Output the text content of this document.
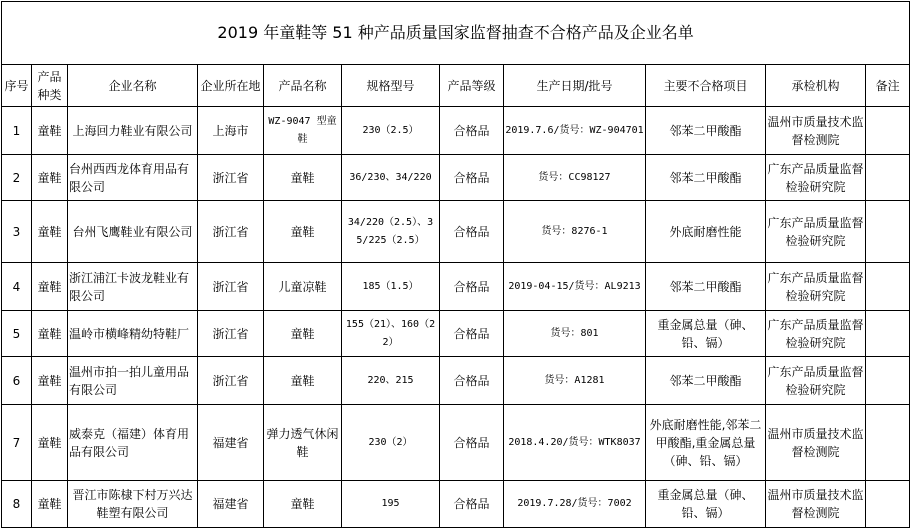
2019 年童鞋等 51 种产品质量国家监督抽查不合格产品及企业名单										
序号	产品种类	企业名称	企业所在地	产品名称	规格型号	产品等级	生产日期/批号	主要不合格项目	承检机构	备注
1	童鞋	上海回力鞋业有限公司	上海市	WZ-9047 型童鞋	230（2.5）	合格品	2019.7.6/货号：WZ-904701	邻苯二甲酸酯	温州市质量技术监督检测院	
2	童鞋	台州西西龙体育用品有限公司	浙江省	童鞋	36/230、34/220	合格品	货号：CC98127	邻苯二甲酸酯	广东产品质量监督检验研究院	
3	童鞋	台州飞鹰鞋业有限公司	浙江省	童鞋	34/220（2.5）、35/225（2.5）	合格品	货号：8276-1	外底耐磨性能	广东产品质量监督检验研究院	
4	童鞋	浙江浦江卡波龙鞋业有限公司	浙江省	儿童凉鞋	185（1.5）	合格品	2019-04-15/货号：AL9213	邻苯二甲酸酯	广东产品质量监督检验研究院	
5	童鞋	温岭市横峰精幼特鞋厂	浙江省	童鞋	155（21）、160（22）	合格品	货号：801	重金属总量（砷、铅、镉）	广东产品质量监督检验研究院	
6	童鞋	温州市拍一拍儿童用品有限公司	浙江省	童鞋	220、215	合格品	货号：A1281	邻苯二甲酸酯	广东产品质量监督检验研究院	
7	童鞋	威泰克（福建）体育用品有限公司	福建省	弹力透气休闲鞋	230（2）	合格品	2018.4.20/货号：WTK8037	外底耐磨性能,邻苯二甲酸酯,重金属总量（砷、铅、镉）	温州市质量技术监督检测院	
8	童鞋	晋江市陈棣下村万兴达鞋塑有限公司	福建省	童鞋	195	合格品	2019.7.28/货号：7002	重金属总量（砷、铅、镉）	温州市质量技术监督检测院	
